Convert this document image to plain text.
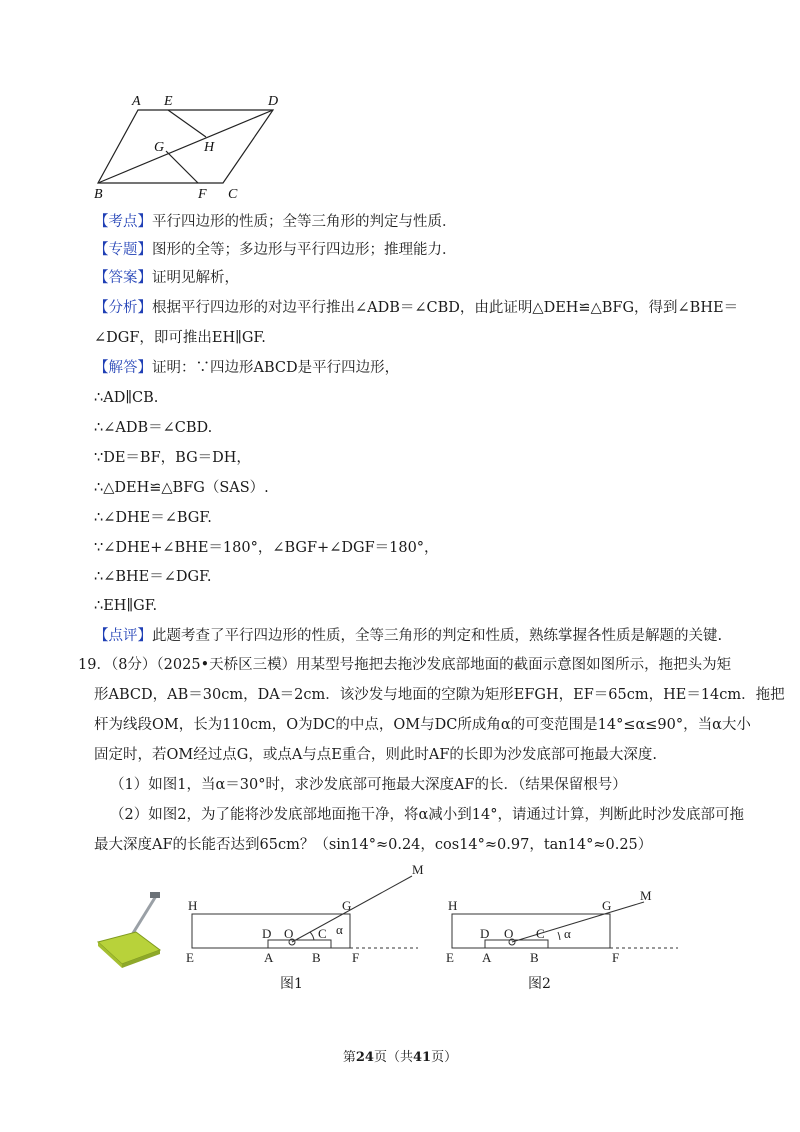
A E	D
G	H
B	F C
【考点】平行四边形的性质；全等三角形的判定与性质．
【专题】图形的全等；多边形与平行四边形；推理能力．
【答案】证明见解析，
【分析】根据平行四边形的对边平行推出∠ADB＝∠CBD，由此证明△DEH≌△BFG，得到∠BHE＝
∠DGF，即可推出EH∥GF.
【解答】证明：∵四边形ABCD是平行四边形，
∴AD∥CB.
∴∠ADB＝∠CBD.
∵DE＝BF，BG＝DH，
∴△DEH≌△BFG（SAS）.
∴∠DHE＝∠BGF.
∵∠DHE+∠BHE＝180°，∠BGF+∠DGF＝180°，
∴∠BHE＝∠DGF.
∴EH∥GF.
【点评】此题考查了平行四边形的性质，全等三角形的判定和性质，熟练掌握各性质是解题的关键.
19．（8分）（2025•天桥区三模）用某型号拖把去拖沙发底部地面的截面示意图如图所示，拖把头为矩
形ABCD，AB＝30cm，DA＝2cm．该沙发与地面的空隙为矩形EFGH，EF＝65cm，HE＝14cm．拖把
杆为线段OM，长为110cm，O为DC的中点，OM与DC所成角α的可变范围是14°≤α≤90°，当α大小
固定时，若OM经过点G，或点A与点E重合，则此时AF的长即为沙发底部可拖最大深度.
（1）如图1，当α＝30°时，求沙发底部可拖最大深度AF的长．（结果保留根号）
（2）如图2，为了能将沙发底部地面拖干净，将α减小到14°，请通过计算，判断此时沙发底部可拖
最大深度AF的长能否达到65cm？（sin14°≈0.24，cos14°≈0.97，tan14°≈0.25）
H	G
M
D O C α
E	A	B F
图1
H	G
M
D O C α
E A	B	F
图2
第24页（共41页）
